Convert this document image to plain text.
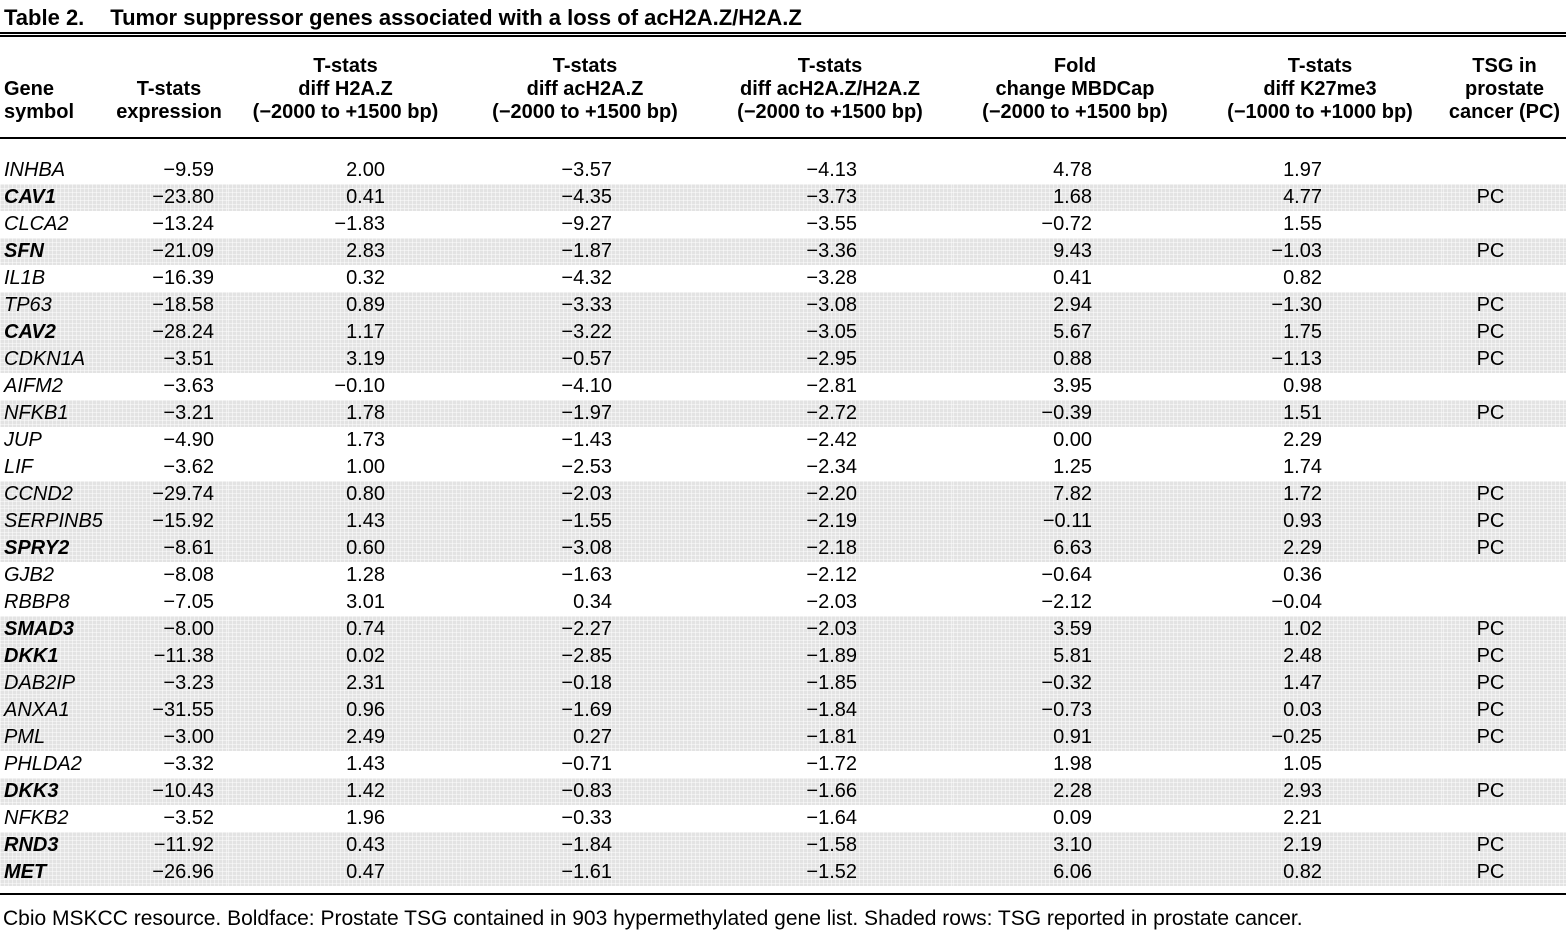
Table 2. Tumor suppressor genes associated with a loss of acH2A.Z/H2A.Z
Gene
symbol

T-stats
expression

T-stats
diff H2A.Z
(−2000 to +1500 bp)

T-stats
diff acH2A.Z
(−2000 to +1500 bp)

T-stats
diff acH2A.Z/H2A.Z
(−2000 to +1500 bp)

Fold
change MBDCap
(−2000 to +1500 bp)

T-stats
diff K27me3
(−1000 to +1000 bp)

TSG in
prostate
cancer (PC)

INHBA	−9.59	2.00	−3.57	−4.13	4.78	1.97	
CAV1	−23.80	0.41	−4.35	−3.73	1.68	4.77	PC
CLCA2	−13.24	−1.83	−9.27	−3.55	−0.72	1.55	
SFN	−21.09	2.83	−1.87	−3.36	9.43	−1.03	PC
IL1B	−16.39	0.32	−4.32	−3.28	0.41	0.82	
TP63	−18.58	0.89	−3.33	−3.08	2.94	−1.30	PC
CAV2	−28.24	1.17	−3.22	−3.05	5.67	1.75	PC
CDKN1A	−3.51	3.19	−0.57	−2.95	0.88	−1.13	PC
AIFM2	−3.63	−0.10	−4.10	−2.81	3.95	0.98	
NFKB1	−3.21	1.78	−1.97	−2.72	−0.39	1.51	PC
JUP	−4.90	1.73	−1.43	−2.42	0.00	2.29	
LIF	−3.62	1.00	−2.53	−2.34	1.25	1.74	
CCND2	−29.74	0.80	−2.03	−2.20	7.82	1.72	PC
SERPINB5	−15.92	1.43	−1.55	−2.19	−0.11	0.93	PC
SPRY2	−8.61	0.60	−3.08	−2.18	6.63	2.29	PC
GJB2	−8.08	1.28	−1.63	−2.12	−0.64	0.36	
RBBP8	−7.05	3.01	0.34	−2.03	−2.12	−0.04	
SMAD3	−8.00	0.74	−2.27	−2.03	3.59	1.02	PC
DKK1	−11.38	0.02	−2.85	−1.89	5.81	2.48	PC
DAB2IP	−3.23	2.31	−0.18	−1.85	−0.32	1.47	PC
ANXA1	−31.55	0.96	−1.69	−1.84	−0.73	0.03	PC
PML	−3.00	2.49	0.27	−1.81	0.91	−0.25	PC
PHLDA2	−3.32	1.43	−0.71	−1.72	1.98	1.05	
DKK3	−10.43	1.42	−0.83	−1.66	2.28	2.93	PC
NFKB2	−3.52	1.96	−0.33	−1.64	0.09	2.21	
RND3	−11.92	0.43	−1.84	−1.58	3.10	2.19	PC
MET	−26.96	0.47	−1.61	−1.52	6.06	0.82	PC
Cbio MSKCC resource. Boldface: Prostate TSG contained in 903 hypermethylated gene list. Shaded rows: TSG reported in prostate cancer.
